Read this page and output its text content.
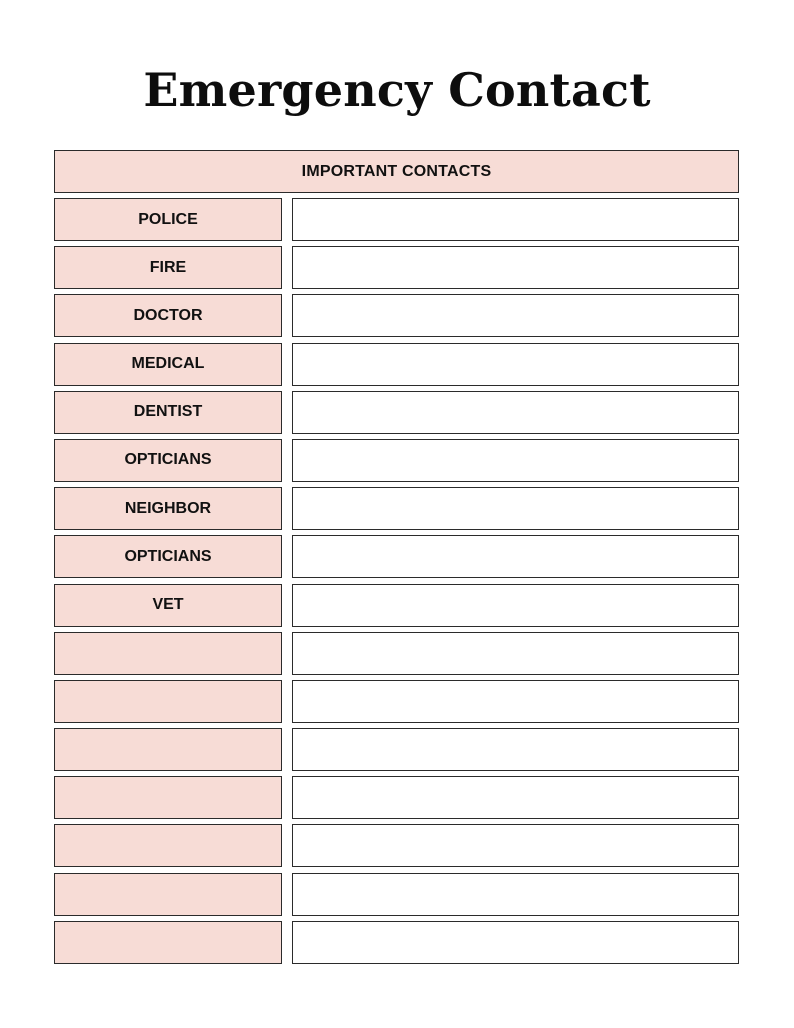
Emergency Contact
IMPORTANT CONTACTS
POLICE
FIRE
DOCTOR
MEDICAL
DENTIST
OPTICIANS
NEIGHBOR
OPTICIANS
VET
